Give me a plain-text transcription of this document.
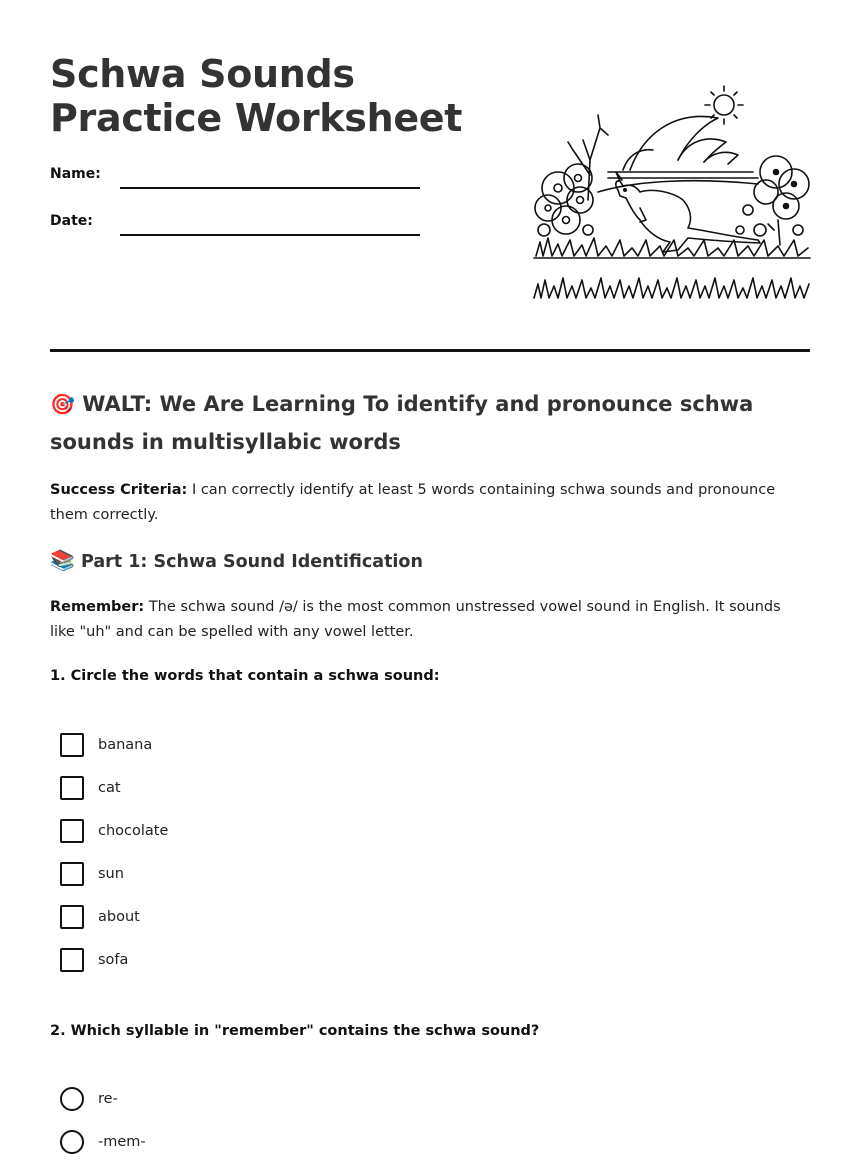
Schwa Sounds Practice Worksheet
Name:
Date:
🎯 WALT: We Are Learning To identify and pronounce schwa sounds in multisyllabic words

Success Criteria: I can correctly identify at least 5 words containing schwa sounds and pronounce them correctly.

📚 Part 1: Schwa Sound Identification

Remember: The schwa sound /ə/ is the most common unstressed vowel sound in English. It sounds like "uh" and can be spelled with any vowel letter.

1. Circle the words that contain a schwa sound:

banana
cat
chocolate
sun
about
sofa

2. Which syllable in "remember" contains the schwa sound?

re-
-mem-
